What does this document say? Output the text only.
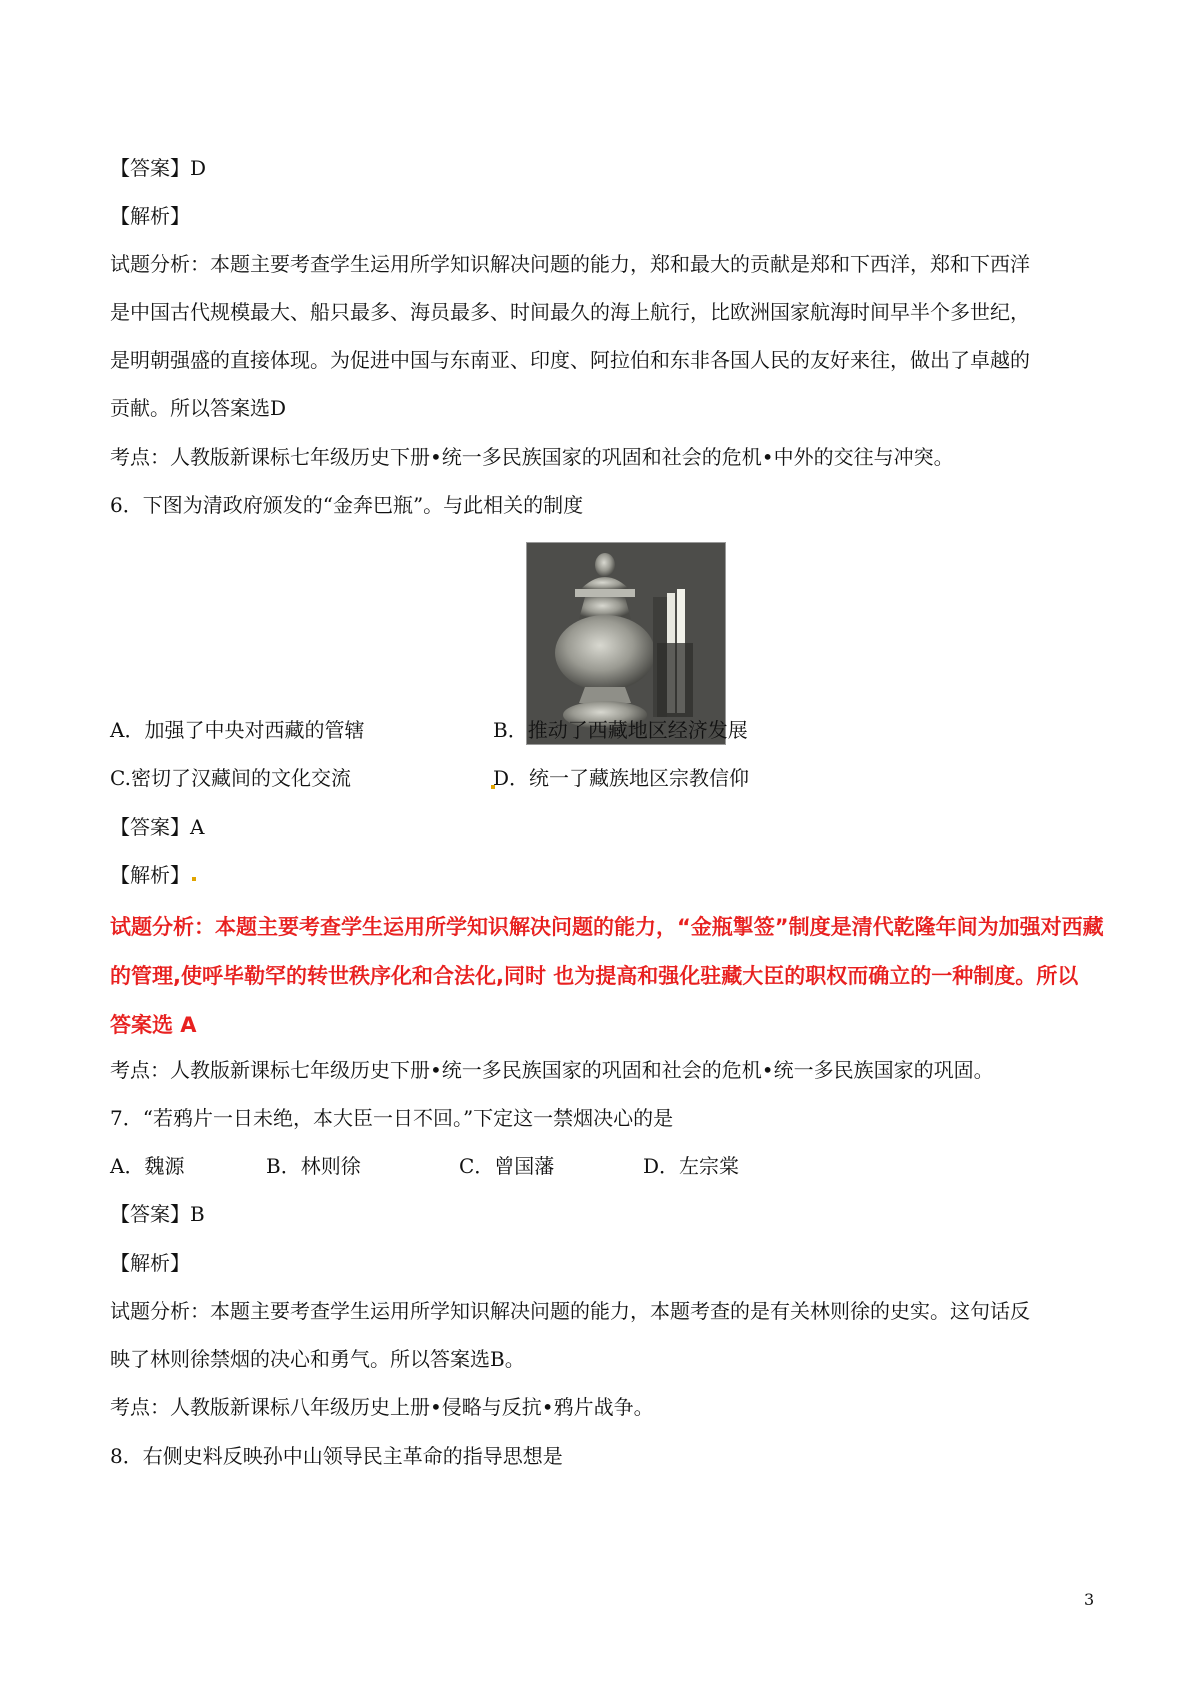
【答案】D
【解析】
试题分析：本题主要考查学生运用所学知识解决问题的能力，郑和最大的贡献是郑和下西洋，郑和下西洋
是中国古代规模最大、船只最多、海员最多、时间最久的海上航行，比欧洲国家航海时间早半个多世纪，
是明朝强盛的直接体现。为促进中国与东南亚、印度、阿拉伯和东非各国人民的友好来往，做出了卓越的
贡献。所以答案选D
考点：人教版新课标七年级历史下册•统一多民族国家的巩固和社会的危机•中外的交往与冲突。
6．下图为清政府颁发的“金奔巴瓶”。与此相关的制度
A．加强了中央对西藏的管辖	B．推动了西藏地区经济发展
C.密切了汉藏间的文化交流	D．统一了藏族地区宗教信仰
【答案】A
【解析】
试题分析：本题主要考查学生运用所学知识解决问题的能力，“金瓶掣签”制度是清代乾隆年间为加强对西藏
的管理,使呼毕勒罕的转世秩序化和合法化,同时 也为提高和强化驻藏大臣的职权而确立的一种制度。所以
答案选 A
考点：人教版新课标七年级历史下册•统一多民族国家的巩固和社会的危机•统一多民族国家的巩固。
7．“若鸦片一日未绝，本大臣一日不回。”下定这一禁烟决心的是
A．魏源	B．林则徐	C．曾国藩	D．左宗棠
【答案】B
【解析】
试题分析：本题主要考查学生运用所学知识解决问题的能力，本题考查的是有关林则徐的史实。这句话反
映了林则徐禁烟的决心和勇气。所以答案选B。
考点：人教版新课标八年级历史上册•侵略与反抗•鸦片战争。
8．右侧史料反映孙中山领导民主革命的指导思想是
3
